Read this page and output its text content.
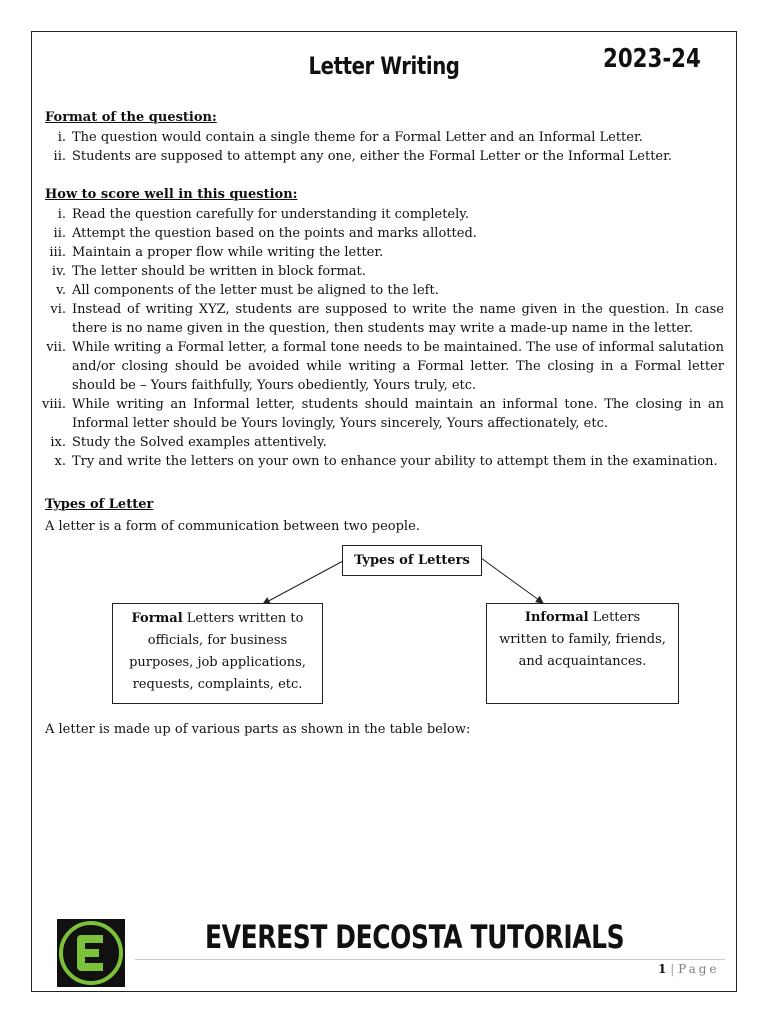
Letter Writing	2023-24
Format of the question:
i. The question would contain a single theme for a Formal Letter and an Informal Letter.
ii. Students are supposed to attempt any one, either the Formal Letter or the Informal Letter.
How to score well in this question:
i. Read the question carefully for understanding it completely.
ii. Attempt the question based on the points and marks allotted.
iii. Maintain a proper flow while writing the letter.
iv. The letter should be written in block format.
v. All components of the letter must be aligned to the left.
vi. Instead of writing XYZ, students are supposed to write the name given in the question. In case there is no name given in the question, then students may write a made-up name in the letter.
vii. While writing a Formal letter, a formal tone needs to be maintained. The use of informal salutation and/or closing should be avoided while writing a Formal letter. The closing in a Formal letter should be – Yours faithfully, Yours obediently, Yours truly, etc.
viii. While writing an Informal letter, students should maintain an informal tone. The closing in an Informal letter should be Yours lovingly, Yours sincerely, Yours affectionately, etc.
ix. Study the Solved examples attentively.
x. Try and write the letters on your own to enhance your ability to attempt them in the examination.
Types of Letter
A letter is a form of communication between two people.
Types of Letters
Formal Letters written to officials, for business purposes, job applications, requests, complaints, etc.
Informal Letters written to family, friends, and acquaintances.
A letter is made up of various parts as shown in the table below:
EVEREST DECOSTA TUTORIALS
1 | Page
